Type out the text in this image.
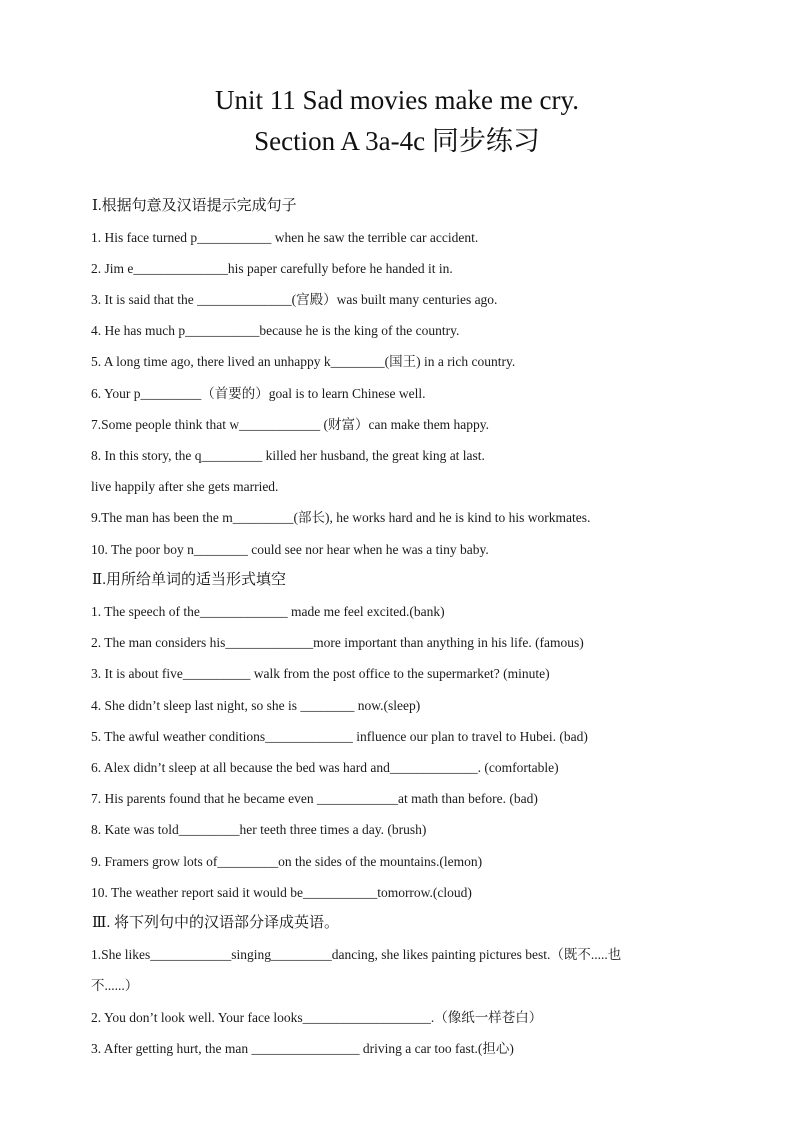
Unit 11 Sad movies make me cry.
Section A 3a-4c 同步练习
Ⅰ.根据句意及汉语提示完成句子
1. His face turned p___________ when he saw the terrible car accident.
2. Jim e______________his paper carefully before he handed it in.
3. It is said that the ______________(宫殿）was built many centuries ago.
4. He has much p___________because he is the king of the country.
5. A long time ago, there lived an unhappy k________(国王) in a rich country.
6. Your p_________（首要的）goal is to learn Chinese well.
7.Some people think that w____________ (财富）can make them happy.
8. In this story, the q_________ killed her husband, the great king at last.
live happily after she gets married.
9.The man has been the m_________(部长), he works hard and he is kind to his workmates.
10. The poor boy n________ could see nor hear when he was a tiny baby.
Ⅱ.用所给单词的适当形式填空
1. The speech of the_____________ made me feel excited.(bank)
2. The man considers his_____________more important than anything in his life. (famous)
3. It is about five__________ walk from the post office to the supermarket? (minute)
4. She didn’t sleep last night, so she is ________ now.(sleep)
5. The awful weather conditions_____________ influence our plan to travel to Hubei. (bad)
6. Alex didn’t sleep at all because the bed was hard and_____________. (comfortable)
7. His parents found that he became even ____________at math than before. (bad)
8. Kate was told_________her teeth three times a day. (brush)
9. Framers grow lots of_________on the sides of the mountains.(lemon)
10. The weather report said it would be___________tomorrow.(cloud)
Ⅲ. 将下列句中的汉语部分译成英语。
1.She likes____________singing_________dancing, she likes painting pictures best.（既不.....也
不......）
2. You don’t look well. Your face looks___________________.（像纸一样苍白）
3. After getting hurt, the man ________________ driving a car too fast.(担心)
